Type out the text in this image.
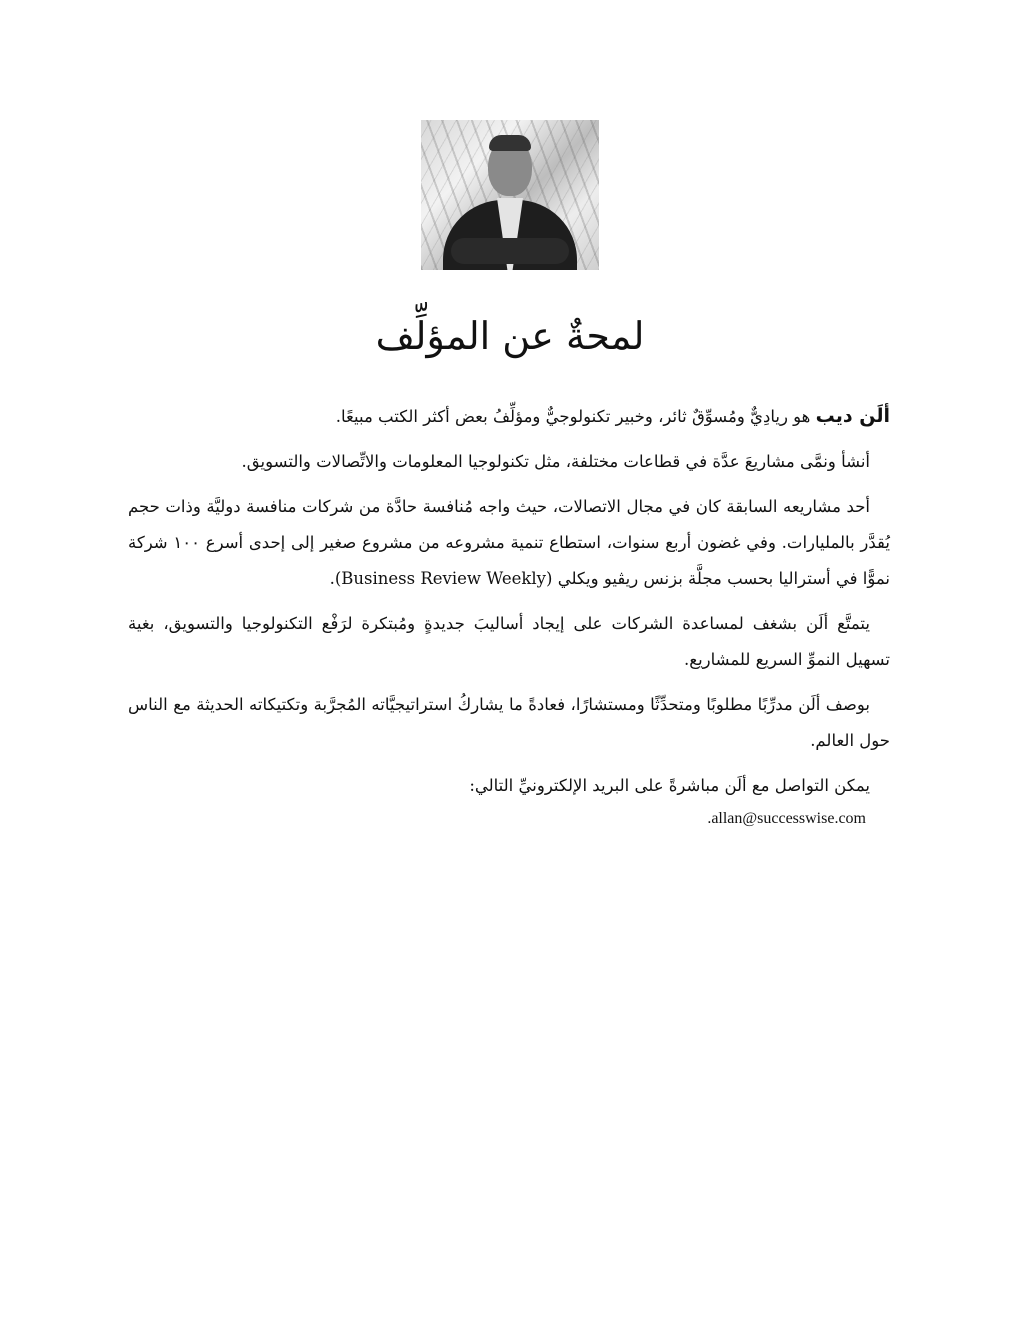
لمحةٌ عن المؤلِّف

ألَن ديب هو ريادِيٌّ ومُسوِّقٌ ثائر، وخبير تكنولوجيٌّ ومؤلِّفُ بعض أكثر الكتب مبيعًا.

أنشأ ونمَّى مشاريعَ عدَّة في قطاعات مختلفة، مثل تكنولوجيا المعلومات والاتِّصالات والتسويق.

أحد مشاريعه السابقة كان في مجال الاتصالات، حيث واجه مُنافسة حادَّة من شركات منافسة دوليَّة وذات حجم يُقدَّر بالمليارات. وفي غضون أربع سنوات، استطاع تنمية مشروعه من مشروع صغير إلى إحدى أسرع ١٠٠ شركة نموًّا في أستراليا بحسب مجلَّة بزنس ريڤيو ويكلي (Business Review Weekly).

يتمتَّع ألَن بشغف لمساعدة الشركات على إيجاد أساليبَ جديدةٍ ومُبتكرة لرَفْع التكنولوجيا والتسويق، بغية تسهيل النموِّ السريع للمشاريع.

بوصف ألَن مدرِّبًا مطلوبًا ومتحدِّثًا ومستشارًا، فعادةً ما يشاركُ استراتيجيَّاته المُجرَّبة وتكتيكاته الحديثة مع الناس حول العالم.

يمكن التواصل مع ألَن مباشرةً على البريد الإلكترونيِّ التالي:

.allan@successwise.com
